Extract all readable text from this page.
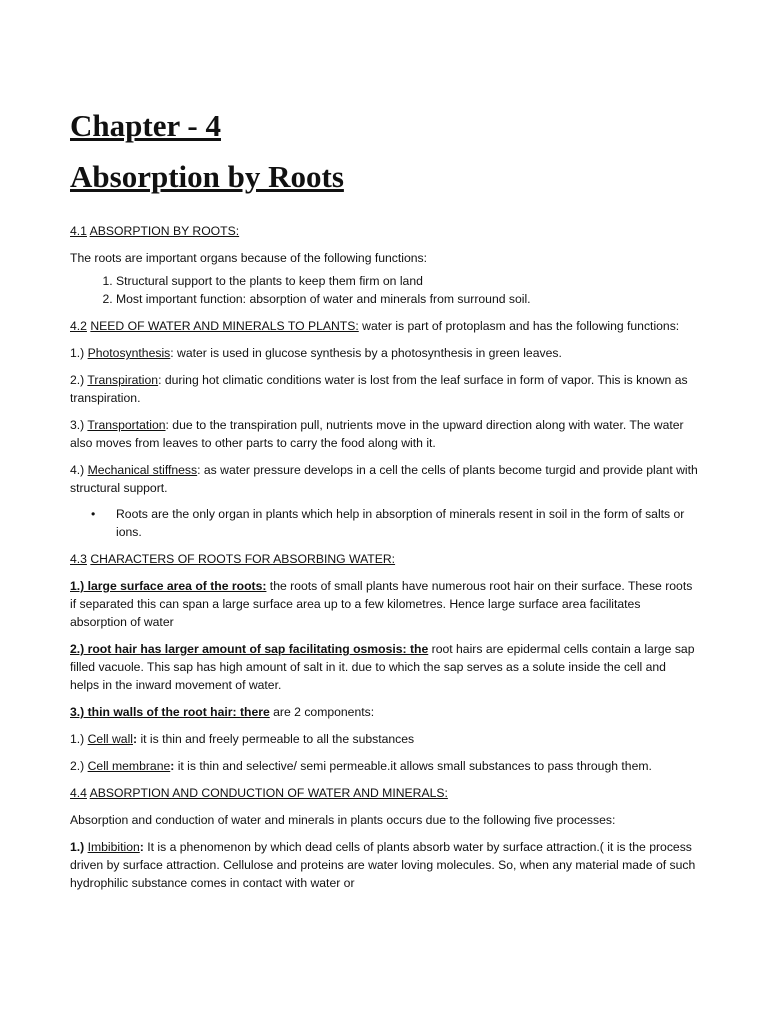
Chapter - 4
Absorption by Roots

4.1 ABSORPTION BY ROOTS:

The roots are important organs because of the following functions:

1. Structural support to the plants to keep them firm on land
2. Most important function: absorption of water and minerals from surround soil.

4.2 NEED OF WATER AND MINERALS TO PLANTS: water is part of protoplasm and has the following functions:

1.) Photosynthesis: water is used in glucose synthesis by a photosynthesis in green leaves.

2.) Transpiration: during hot climatic conditions water is lost from the leaf surface in form of vapor. This is known as transpiration.

3.) Transportation: due to the transpiration pull, nutrients move in the upward direction along with water. The water also moves from leaves to other parts to carry the food along with it.

4.) Mechanical stiffness: as water pressure develops in a cell the cells of plants become turgid and provide plant with structural support.

• Roots are the only organ in plants which help in absorption of minerals resent in soil in the form of salts or ions.

4.3 CHARACTERS OF ROOTS FOR ABSORBING WATER:

1.) large surface area of the roots: the roots of small plants have numerous root hair on their surface. These roots if separated this can span a large surface area up to a few kilometres. Hence large surface area facilitates absorption of water

2.) root hair has larger amount of sap facilitating osmosis: the root hairs are epidermal cells contain a large sap filled vacuole. This sap has high amount of salt in it. due to which the sap serves as a solute inside the cell and helps in the inward movement of water.

3.) thin walls of the root hair: there are 2 components:

1.) Cell wall: it is thin and freely permeable to all the substances

2.) Cell membrane: it is thin and selective/ semi permeable.it allows small substances to pass through them.

4.4 ABSORPTION AND CONDUCTION OF WATER AND MINERALS:

Absorption and conduction of water and minerals in plants occurs due to the following five processes:

1.) Imbibition: It is a phenomenon by which dead cells of plants absorb water by surface attraction.( it is the process driven by surface attraction. Cellulose and proteins are water loving molecules. So, when any material made of such hydrophilic substance comes in contact with water or
